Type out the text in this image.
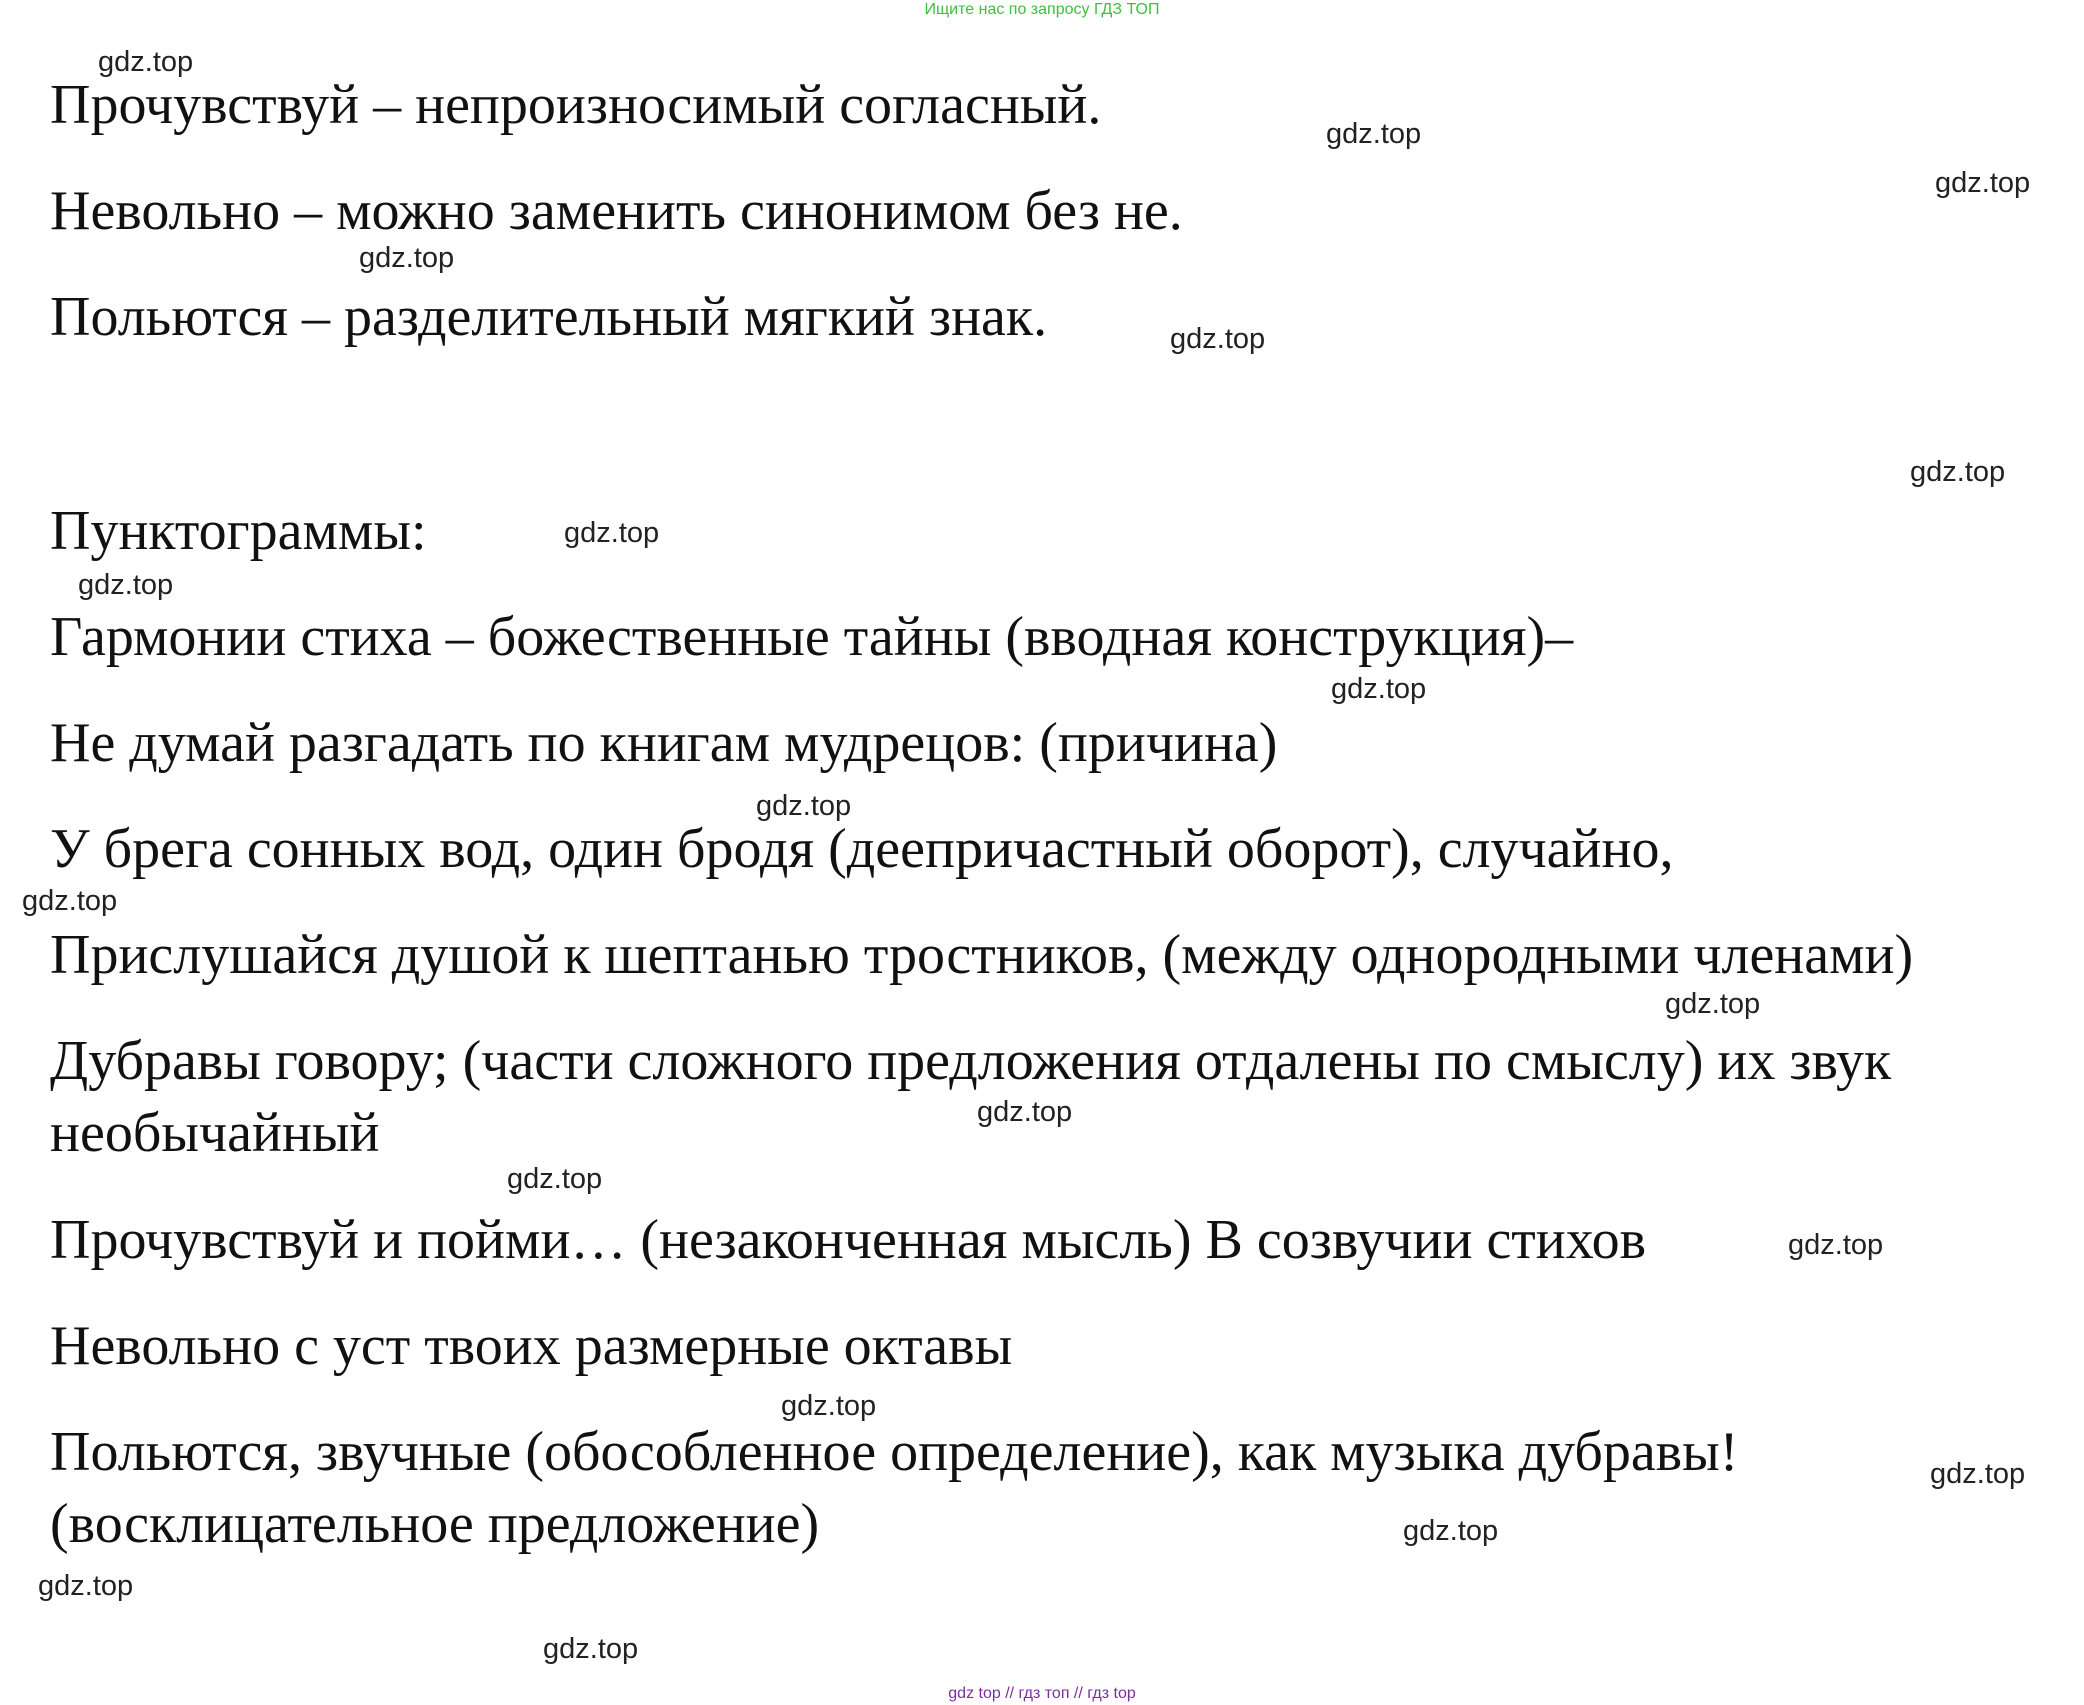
Ищите нас по запросу ГДЗ ТОП

Прочувствуй – непроизносимый согласный.

Невольно – можно заменить синонимом без не.

Польются – разделительный мягкий знак.

Пунктограммы:

Гармонии стиха – божественные тайны (вводная конструкция)–

Не думай разгадать по книгам мудрецов: (причина)

У брега сонных вод, один бродя (деепричастный оборот), случайно,

Прислушайся душой к шептанью тростников, (между однородными членами)

Дубравы говору; (части сложного предложения отдалены по смыслу) их звук необычайный

Прочувствуй и пойми… (незаконченная мысль) В созвучии стихов

Невольно с уст твоих размерные октавы

Польются, звучные (обособленное определение), как музыка дубравы! (восклицательное предложение)

gdz.top
gdz.top
gdz.top
gdz.top
gdz.top
gdz.top
gdz.top
gdz.top
gdz.top
gdz.top
gdz.top
gdz.top
gdz.top
gdz.top
gdz.top
gdz.top
gdz.top
gdz.top
gdz.top
gdz.top
gdz top // гдз топ // гдз top
